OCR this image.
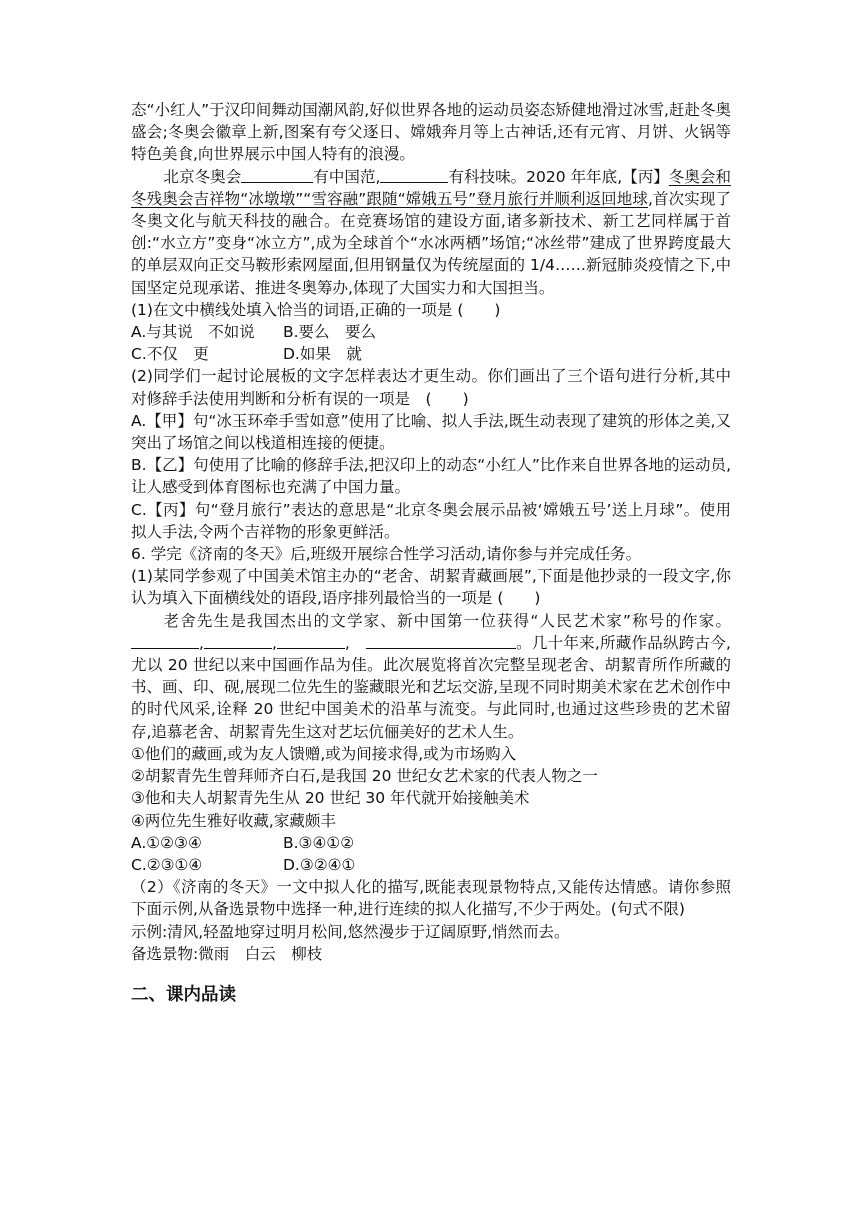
态“小红人”于汉印间舞动国潮风韵,好似世界各地的运动员姿态矫健地滑过冰雪,赶赴冬奥盛会;冬奥会徽章上新,图案有夸父逐日、嫦娥奔月等上古神话,还有元宵、月饼、火锅等特色美食,向世界展示中国人特有的浪漫。

北京冬奥会	有中国范,	有科技味。2020 年年底,【丙】冬奥会和冬残奥会吉祥物“冰墩墩”“雪容融”跟随“嫦娥五号”登月旅行并顺利返回地球,首次实现了冬奥文化与航天科技的融合。在竞赛场馆的建设方面,诸多新技术、新工艺同样属于首创:“水立方”变身“冰立方”,成为全球首个“水冰两栖”场馆;“冰丝带”建成了世界跨度最大的单层双向正交马鞍形索网屋面,但用钢量仅为传统屋面的 1/4……新冠肺炎疫情之下,中国坚定兑现承诺、推进冬奥筹办,体现了大国实力和大国担当。

(1)在文中横线处填入恰当的词语,正确的一项是 (　　)

A.与其说　不如说	B.要么　要么

C.不仅　更	D.如果　就

(2)同学们一起讨论展板的文字怎样表达才更生动。你们画出了三个语句进行分析,其中对修辞手法使用判断和分析有误的一项是　 (　　)

A.【甲】句“冰玉环牵手雪如意”使用了比喻、拟人手法,既生动表现了建筑的形体之美,又突出了场馆之间以栈道相连接的便捷。

B.【乙】句使用了比喻的修辞手法,把汉印上的动态“小红人”比作来自世界各地的运动员,让人感受到体育图标也充满了中国力量。

C.【丙】句“登月旅行”表达的意思是“北京冬奥会展示品被‘嫦娥五号’送上月球”。使用拟人手法,令两个吉祥物的形象更鲜活。

6. 学完《济南的冬天》后,班级开展综合性学习活动,请你参与并完成任务。

(1)某同学参观了中国美术馆主办的“老舍、胡絜青藏画展”,下面是他抄录的一段文字,你认为填入下面横线处的语段,语序排列最恰当的一项是 (　　)

老舍先生是我国杰出的文学家、新中国第一位获得“人民艺术家”称号的作家。,	,	,　	。几十年来,所藏作品纵跨古今,尤以 20 世纪以来中国画作品为佳。此次展览将首次完整呈现老舍、胡絜青所作所藏的书、画、印、砚,展现二位先生的鉴藏眼光和艺坛交游,呈现不同时期美术家在艺术创作中的时代风采,诠释 20 世纪中国美术的沿革与流变。与此同时,也通过这些珍贵的艺术留存,追慕老舍、胡絜青先生这对艺坛伉俪美好的艺术人生。

①他们的藏画,或为友人馈赠,或为间接求得,或为市场购入

②胡絜青先生曾拜师齐白石,是我国 20 世纪女艺术家的代表人物之一

③他和夫人胡絜青先生从 20 世纪 30 年代就开始接触美术

④两位先生雅好收藏,家藏颇丰

A.①②③④	B.③④①②

C.②③①④	D.③②④①

（2）《济南的冬天》一文中拟人化的描写,既能表现景物特点,又能传达情感。请你参照下面示例,从备选景物中选择一种,进行连续的拟人化描写,不少于两处。(句式不限)

示例:清风,轻盈地穿过明月松间,悠然漫步于辽阔原野,悄然而去。

备选景物:微雨　白云　柳枝

二、课内品读
